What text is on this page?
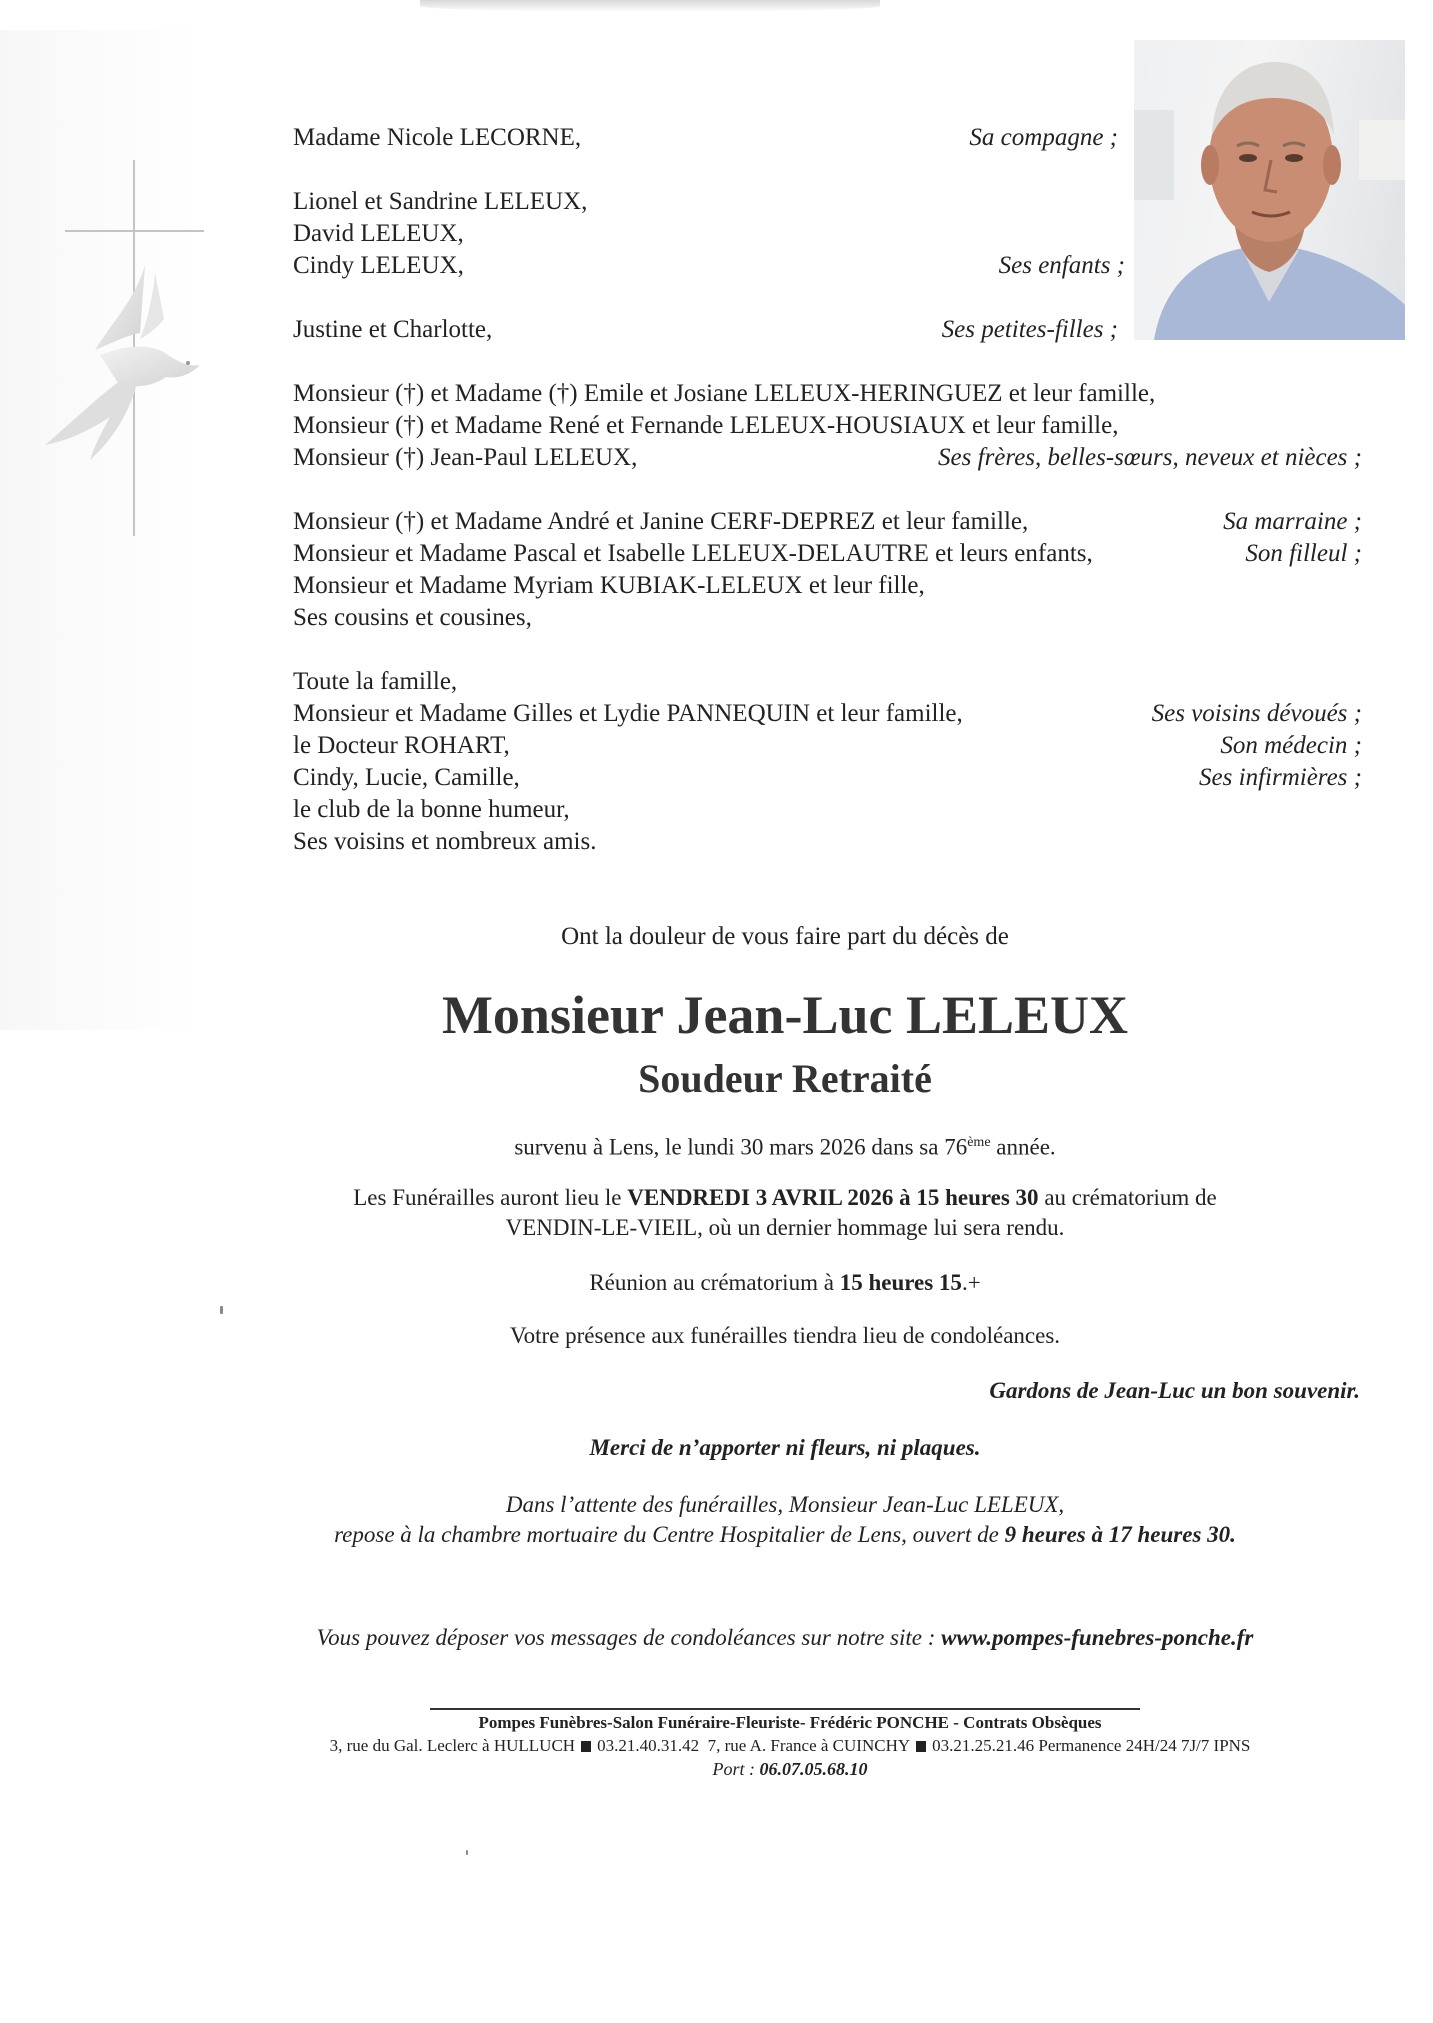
Madame Nicole LECORNE,	Sa compagne ;
Lionel et Sandrine LELEUX,
David LELEUX,
Cindy LELEUX,	Ses enfants ;
Justine et Charlotte,	Ses petites-filles ;
Monsieur (†) et Madame (†) Emile et Josiane LELEUX-HERINGUEZ et leur famille,
Monsieur (†) et Madame René et Fernande LELEUX-HOUSIAUX et leur famille,
Monsieur (†) Jean-Paul LELEUX,	Ses frères, belles-sœurs, neveux et nièces ;
Monsieur (†) et Madame André et Janine CERF-DEPREZ et leur famille,	Sa marraine ;
Monsieur et Madame Pascal et Isabelle LELEUX-DELAUTRE et leurs enfants,	Son filleul ;
Monsieur et Madame Myriam KUBIAK-LELEUX et leur fille,
Ses cousins et cousines,
Toute la famille,
Monsieur et Madame Gilles et Lydie PANNEQUIN et leur famille,	Ses voisins dévoués ;
le Docteur ROHART,	Son médecin ;
Cindy, Lucie, Camille,	Ses infirmières ;
le club de la bonne humeur,
Ses voisins et nombreux amis.
Ont la douleur de vous faire part du décès de
Monsieur Jean-Luc LELEUX
Soudeur Retraité
survenu à Lens, le lundi 30 mars 2026 dans sa 76ème année.
Les Funérailles auront lieu le VENDREDI 3 AVRIL 2026 à 15 heures 30 au crématorium de
VENDIN-LE-VIEIL, où un dernier hommage lui sera rendu.
Réunion au crématorium à 15 heures 15.+
Votre présence aux funérailles tiendra lieu de condoléances.
Gardons de Jean-Luc un bon souvenir.
Merci de n’apporter ni fleurs, ni plaques.
Dans l’attente des funérailles, Monsieur Jean-Luc LELEUX,
repose à la chambre mortuaire du Centre Hospitalier de Lens, ouvert de 9 heures à 17 heures 30.
Vous pouvez déposer vos messages de condoléances sur notre site : www.pompes-funebres-ponche.fr
Pompes Funèbres-Salon Funéraire-Fleuriste- Frédéric PONCHE - Contrats Obsèques
3, rue du Gal. Leclerc à HULLUCH 03.21.40.31.42 7, rue A. France à CUINCHY 03.21.25.21.46 Permanence 24H/24 7J/7 IPNS
Port : 06.07.05.68.10
